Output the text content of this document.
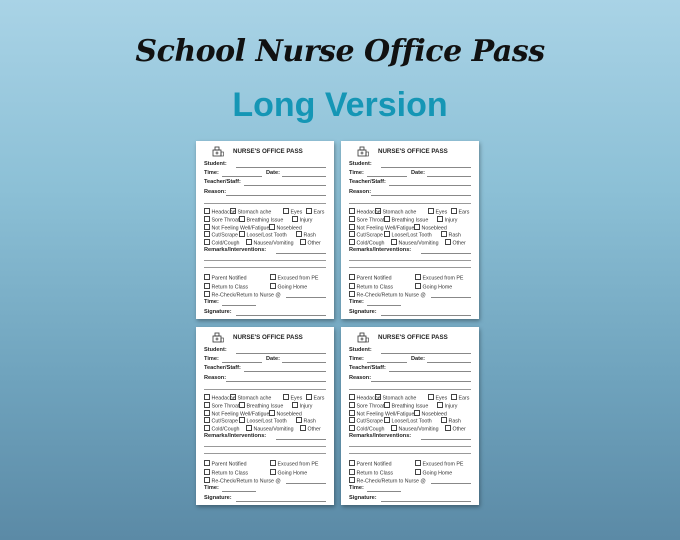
School Nurse Office Pass
Long Version
NURSE'S OFFICE PASS
Student:
Time:	Date:
Teacher/Staff:
Reason:
Headache Stomach ache	Eyes	Ears
Sore Throat	Breathing Issue	Injury
Not Feeling Well/Fatigue	Nosebleed
Cut/Scrape	Loose/Lost Tooth	Rash
Cold/Cough	Nausea/Vomiting	Other
Remarks/Interventions:
Parent Notified	Excused from PE
Return to Class	Going Home
Re-Check/Return to Nurse @
Time:
Signature:
NURSE'S OFFICE PASS
Student:
Time:	Date:
Teacher/Staff:
Reason:
Headache Stomach ache	Eyes	Ears
Sore Throat	Breathing Issue	Injury
Not Feeling Well/Fatigue	Nosebleed
Cut/Scrape	Loose/Lost Tooth	Rash
Cold/Cough	Nausea/Vomiting	Other
Remarks/Interventions:
Parent Notified	Excused from PE
Return to Class	Going Home
Re-Check/Return to Nurse @
Time:
Signature:
NURSE'S OFFICE PASS
Student:
Time:	Date:
Teacher/Staff:
Reason:
Headache Stomach ache	Eyes	Ears
Sore Throat	Breathing Issue	Injury
Not Feeling Well/Fatigue	Nosebleed
Cut/Scrape	Loose/Lost Tooth	Rash
Cold/Cough	Nausea/Vomiting	Other
Remarks/Interventions:
Parent Notified	Excused from PE
Return to Class	Going Home
Re-Check/Return to Nurse @
Time:
Signature:
NURSE'S OFFICE PASS
Student:
Time:	Date:
Teacher/Staff:
Reason:
Headache Stomach ache	Eyes	Ears
Sore Throat	Breathing Issue	Injury
Not Feeling Well/Fatigue	Nosebleed
Cut/Scrape	Loose/Lost Tooth	Rash
Cold/Cough	Nausea/Vomiting	Other
Remarks/Interventions:
Parent Notified	Excused from PE
Return to Class	Going Home
Re-Check/Return to Nurse @
Time:
Signature:
